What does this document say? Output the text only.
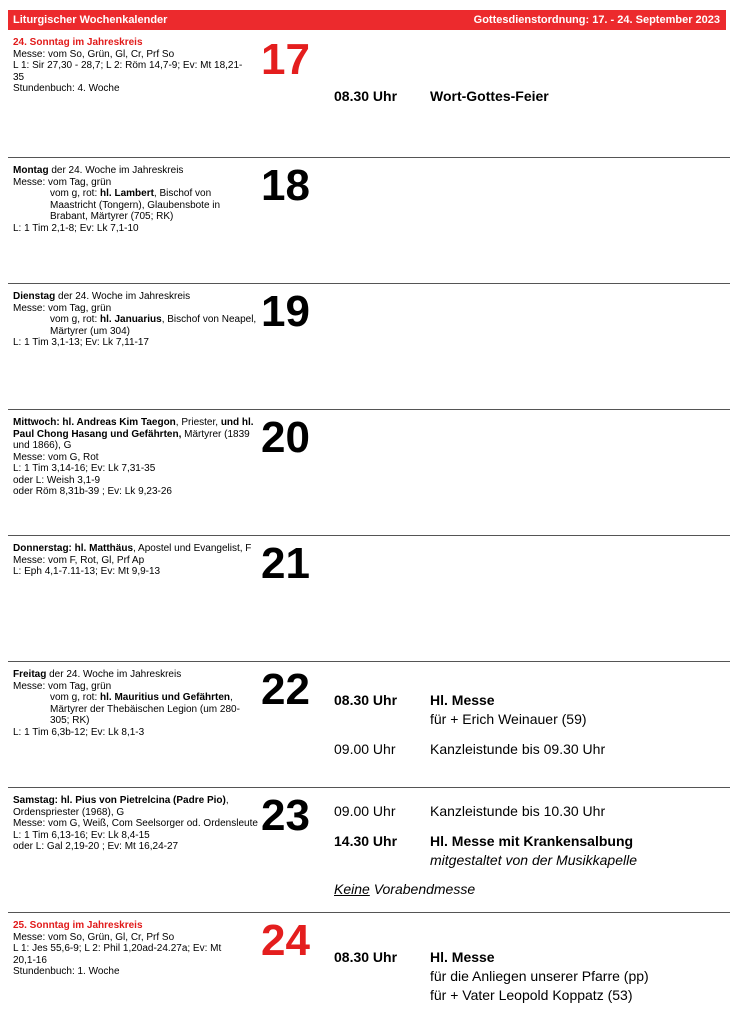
Liturgischer Wochenkalender	Gottesdienstordnung: 17. - 24. September 2023
24. Sonntag im Jahreskreis
Messe: vom So, Grün, Gl, Cr, Prf So
L 1: Sir 27,30 - 28,7; L 2: Röm 14,7-9; Ev: Mt 18,21-
35
Stundenbuch: 4. Woche
17
08.30 Uhr Wort-Gottes-Feier
Montag der 24. Woche im Jahreskreis
Messe: vom Tag, grün
vom g, rot: hl. Lambert, Bischof von Maastricht (Tongern), Glaubensbote in Brabant, Märtyrer (705; RK)
L: 1 Tim 2,1-8; Ev: Lk 7,1-10
18
Dienstag der 24. Woche im Jahreskreis
Messe: vom Tag, grün
vom g, rot: hl. Januarius, Bischof von Neapel, Märtyrer (um 304)
L: 1 Tim 3,1-13; Ev: Lk 7,11-17
19
Mittwoch: hl. Andreas Kim Taegon, Priester, und hl. Paul Chong Hasang und Gefährten, Märtyrer (1839 und 1866), G
Messe: vom G, Rot
L: 1 Tim 3,14-16; Ev: Lk 7,31-35
oder L: Weish 3,1-9
oder Röm 8,31b-39 ; Ev: Lk 9,23-26
20
Donnerstag: hl. Matthäus, Apostel und Evangelist, F
Messe: vom F, Rot, Gl, Prf Ap
L: Eph 4,1-7.11-13; Ev: Mt 9,9-13	21
Freitag der 24. Woche im Jahreskreis
Messe: vom Tag, grün
vom g, rot: hl. Mauritius und Gefährten, Märtyrer der Thebäischen Legion (um 280-305; RK)
L: 1 Tim 6,3b-12; Ev: Lk 8,1-3
22 08.30 Uhr Hl. Messe
für + Erich Weinauer (59)
09.00 Uhr Kanzleistunde bis 09.30 Uhr
Samstag: hl. Pius von Pietrelcina (Padre Pio), Ordenspriester (1968), G
Messe: vom G, Weiß, Com Seelsorger od. Ordensleute
L: 1 Tim 6,13-16; Ev: Lk 8,4-15
oder L: Gal 2,19-20 ; Ev: Mt 16,24-27
23 09.00 Uhr Kanzleistunde bis 10.30 Uhr
14.30 Uhr Hl. Messe mit Krankensalbung
mitgestaltet von der Musikkapelle
Keine Vorabendmesse
25. Sonntag im Jahreskreis
Messe: vom So, Grün, Gl, Cr, Prf So
L 1: Jes 55,6-9; L 2: Phil 1,20ad-24.27a; Ev: Mt
20,1-16
Stundenbuch: 1. Woche
24 08.30 Uhr Hl. Messe
für die Anliegen unserer Pfarre (pp)
für + Vater Leopold Koppatz (53)
